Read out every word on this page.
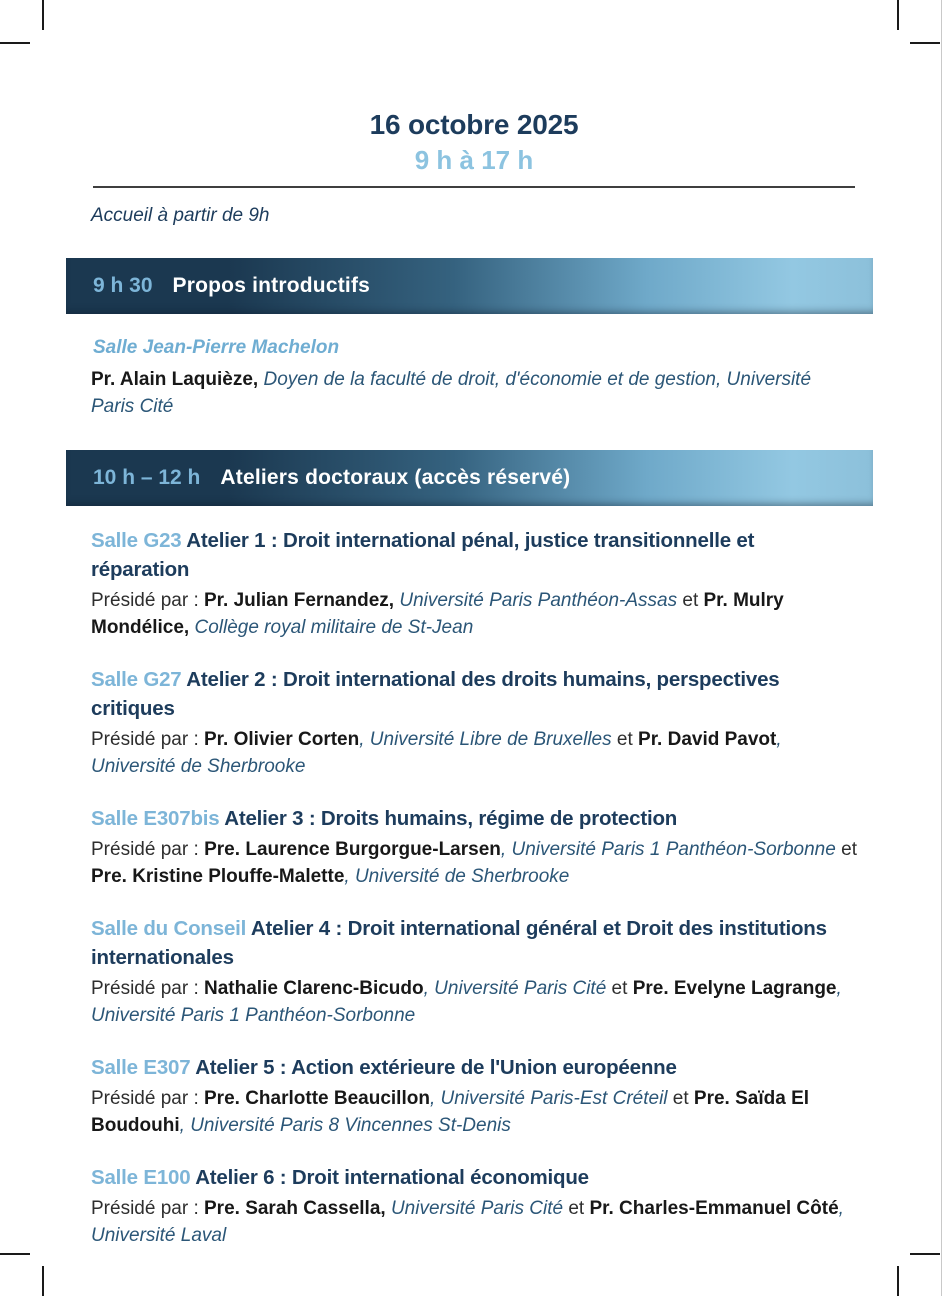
16 octobre 2025
9 h à 17 h

Accueil à partir de 9h

9 h 30 Propos introductifs

Salle Jean-Pierre Machelon

Pr. Alain Laquièze, Doyen de la faculté de droit, d'économie et de gestion, Université Paris Cité

10 h – 12 h Ateliers doctoraux (accès réservé)

Salle G23 Atelier 1 : Droit international pénal, justice transitionnelle et réparation

Présidé par : Pr. Julian Fernandez, Université Paris Panthéon-Assas et Pr. Mulry Mondélice, Collège royal militaire de St-Jean

Salle G27 Atelier 2 : Droit international des droits humains, perspectives critiques

Présidé par : Pr. Olivier Corten, Université Libre de Bruxelles et Pr. David Pavot, Université de Sherbrooke

Salle E307bis Atelier 3 : Droits humains, régime de protection

Présidé par : Pre. Laurence Burgorgue-Larsen, Université Paris 1 Panthéon-Sorbonne et Pre. Kristine Plouffe-Malette, Université de Sherbrooke

Salle du Conseil Atelier 4 : Droit international général et Droit des institutions internationales

Présidé par : Nathalie Clarenc-Bicudo, Université Paris Cité et Pre. Evelyne Lagrange, Université Paris 1 Panthéon-Sorbonne

Salle E307 Atelier 5 : Action extérieure de l'Union européenne

Présidé par : Pre. Charlotte Beaucillon, Université Paris-Est Créteil et Pre. Saïda El Boudouhi, Université Paris 8 Vincennes St-Denis

Salle E100 Atelier 6 : Droit international économique

Présidé par : Pre. Sarah Cassella, Université Paris Cité et Pr. Charles-Emmanuel Côté, Université Laval
